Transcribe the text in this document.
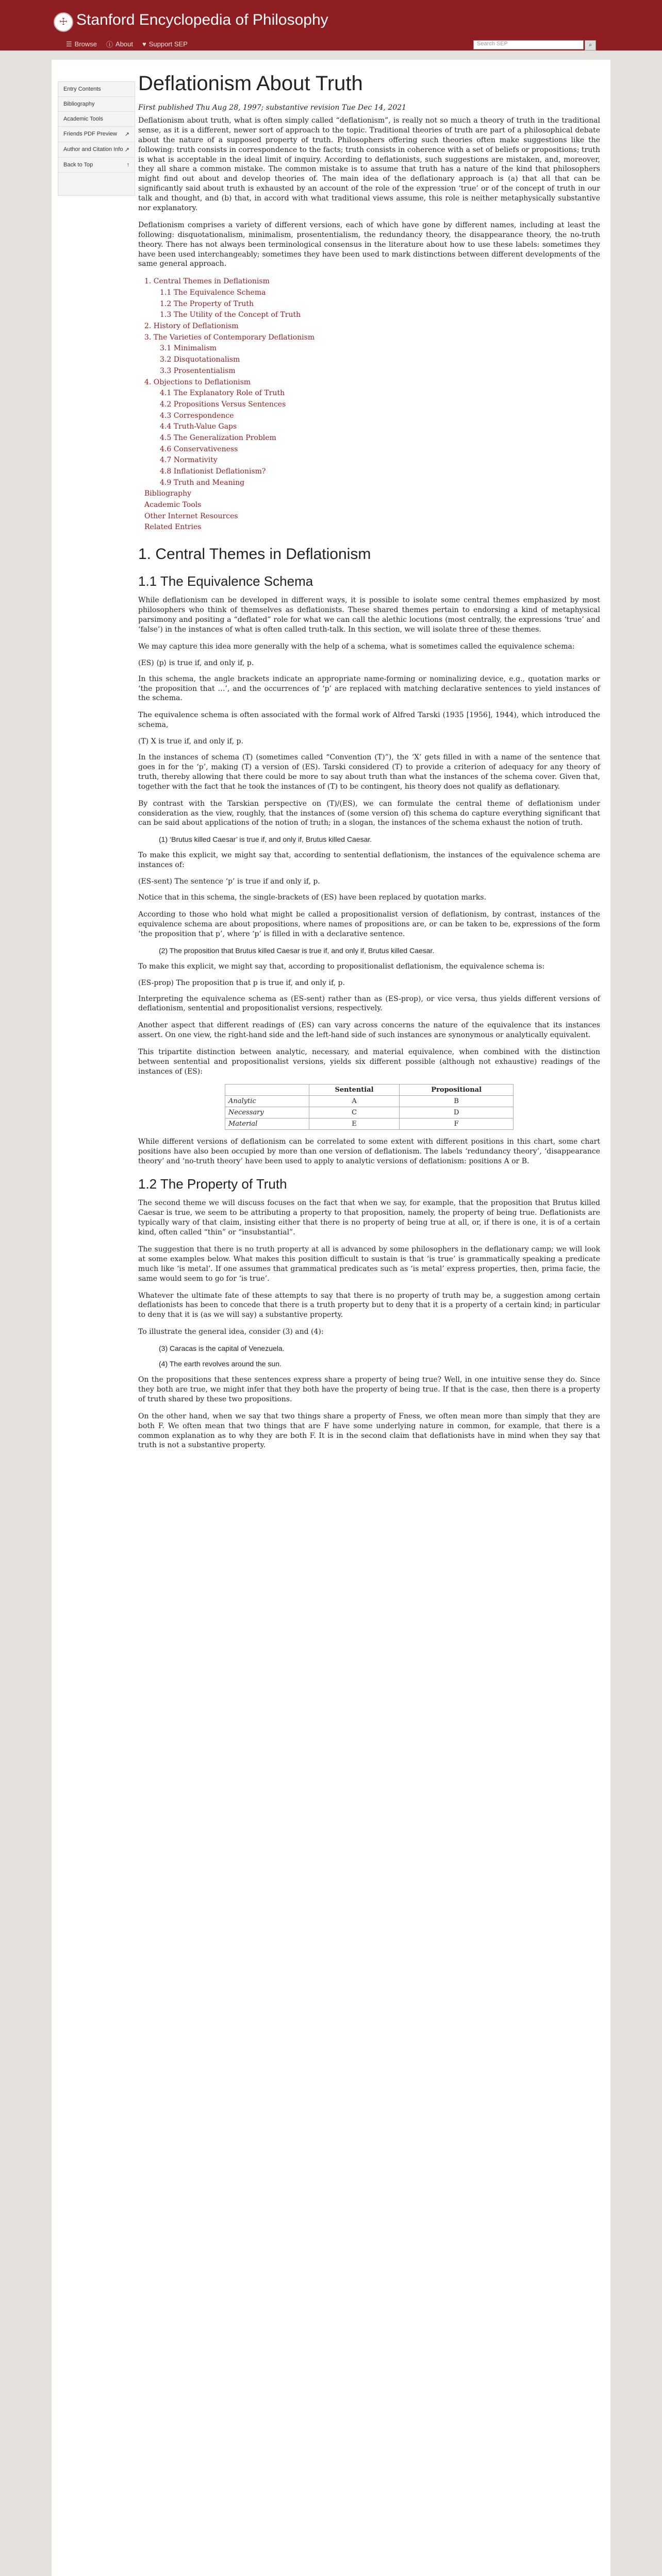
☩ Stanford Encyclopedia of Philosophy
☰ Browse ⓘ About ♥ Support SEP	Search SEP	⌕
Entry Contents
Bibliography
Academic Tools
Friends PDF Preview ↗
Author and Citation Info ↗
Back to Top	↑
Deflationism About Truth
First published Thu Aug 28, 1997; substantive revision Tue Dec 14, 2021

Deflationism about truth, what is often simply called “deflationism”, is really not so much a theory of truth in the traditional sense, as it is a different, newer sort of approach to the topic. Traditional theories of truth are part of a philosophical debate about the nature of a supposed property of truth. Philosophers offering such theories often make suggestions like the following: truth consists in correspondence to the facts; truth consists in coherence with a set of beliefs or propositions; truth is what is acceptable in the ideal limit of inquiry. According to deflationists, such suggestions are mistaken, and, moreover, they all share a common mistake. The common mistake is to assume that truth has a nature of the kind that philosophers might find out about and develop theories of. The main idea of the deflationary approach is (a) that all that can be significantly said about truth is exhausted by an account of the role of the expression ‘true’ or of the concept of truth in our talk and thought, and (b) that, in accord with what traditional views assume, this role is neither metaphysically substantive nor explanatory.

Deflationism comprises a variety of different versions, each of which have gone by different names, including at least the following: disquotationalism, minimalism, prosententialism, the redundancy theory, the disappearance theory, the no-truth theory. There has not always been terminological consensus in the literature about how to use these labels: sometimes they have been used interchangeably; sometimes they have been used to mark distinctions between different developments of the same general approach.

1. Central Themes in Deflationism
1.1 The Equivalence Schema
1.2 The Property of Truth
1.3 The Utility of the Concept of Truth
2. History of Deflationism
3. The Varieties of Contemporary Deflationism
3.1 Minimalism
3.2 Disquotationalism
3.3 Prosententialism
4. Objections to Deflationism
4.1 The Explanatory Role of Truth
4.2 Propositions Versus Sentences
4.3 Correspondence
4.4 Truth-Value Gaps
4.5 The Generalization Problem
4.6 Conservativeness
4.7 Normativity
4.8 Inflationist Deflationism?
4.9 Truth and Meaning
Bibliography
Academic Tools
Other Internet Resources
Related Entries
1. Central Themes in Deflationism
1.1 The Equivalence Schema

While deflationism can be developed in different ways, it is possible to isolate some central themes emphasized by most philosophers who think of themselves as deflationists. These shared themes pertain to endorsing a kind of metaphysical parsimony and positing a “deflated” role for what we can call the alethic locutions (most centrally, the expressions ‘true’ and ‘false’) in the instances of what is often called truth-talk. In this section, we will isolate three of these themes.

We may capture this idea more generally with the help of a schema, what is sometimes called the equivalence schema:

(ES) ⟨p⟩ is true if, and only if, p.

In this schema, the angle brackets indicate an appropriate name-forming or nominalizing device, e.g., quotation marks or ‘the proposition that …’, and the occurrences of ‘p’ are replaced with matching declarative sentences to yield instances of the schema.

The equivalence schema is often associated with the formal work of Alfred Tarski (1935 [1956], 1944), which introduced the schema,

(T) X is true if, and only if, p.

In the instances of schema (T) (sometimes called “Convention (T)”), the ‘X’ gets filled in with a name of the sentence that goes in for the ‘p’, making (T) a version of (ES). Tarski considered (T) to provide a criterion of adequacy for any theory of truth, thereby allowing that there could be more to say about truth than what the instances of the schema cover. Given that, together with the fact that he took the instances of (T) to be contingent, his theory does not qualify as deflationary.

By contrast with the Tarskian perspective on (T)/(ES), we can formulate the central theme of deflationism under consideration as the view, roughly, that the instances of (some version of) this schema do capture everything significant that can be said about applications of the notion of truth; in a slogan, the instances of the schema exhaust the notion of truth.

(1) ‘Brutus killed Caesar’ is true if, and only if, Brutus killed Caesar.

To make this explicit, we might say that, according to sentential deflationism, the instances of the equivalence schema are instances of:

(ES-sent) The sentence ‘p’ is true if and only if, p.

Notice that in this schema, the single-brackets of (ES) have been replaced by quotation marks.

According to those who hold what might be called a propositionalist version of deflationism, by contrast, instances of the equivalence schema are about propositions, where names of propositions are, or can be taken to be, expressions of the form ‘the proposition that p’, where ‘p’ is filled in with a declarative sentence.

(2) The proposition that Brutus killed Caesar is true if, and only if, Brutus killed Caesar.

To make this explicit, we might say that, according to propositionalist deflationism, the equivalence schema is:

(ES-prop) The proposition that p is true if, and only if, p.

Interpreting the equivalence schema as (ES-sent) rather than as (ES-prop), or vice versa, thus yields different versions of deflationism, sentential and propositionalist versions, respectively.

Another aspect that different readings of (ES) can vary across concerns the nature of the equivalence that its instances assert. On one view, the right-hand side and the left-hand side of such instances are synonymous or analytically equivalent.

This tripartite distinction between analytic, necessary, and material equivalence, when combined with the distinction between sentential and propositionalist versions, yields six different possible (although not exhaustive) readings of the instances of (ES):

	Sentential	Propositional
Analytic	A	B
Necessary	C	D
Material	E	F

While different versions of deflationism can be correlated to some extent with different positions in this chart, some chart positions have also been occupied by more than one version of deflationism. The labels ‘redundancy theory’, ‘disappearance theory’ and ‘no-truth theory’ have been used to apply to analytic versions of deflationism: positions A or B.

1.2 The Property of Truth

The second theme we will discuss focuses on the fact that when we say, for example, that the proposition that Brutus killed Caesar is true, we seem to be attributing a property to that proposition, namely, the property of being true. Deflationists are typically wary of that claim, insisting either that there is no property of being true at all, or, if there is one, it is of a certain kind, often called “thin” or “insubstantial”.

The suggestion that there is no truth property at all is advanced by some philosophers in the deflationary camp; we will look at some examples below. What makes this position difficult to sustain is that ‘is true’ is grammatically speaking a predicate much like ‘is metal’. If one assumes that grammatical predicates such as ‘is metal’ express properties, then, prima facie, the same would seem to go for ‘is true’.

Whatever the ultimate fate of these attempts to say that there is no property of truth may be, a suggestion among certain deflationists has been to concede that there is a truth property but to deny that it is a property of a certain kind; in particular to deny that it is (as we will say) a substantive property.

To illustrate the general idea, consider (3) and (4):

(3) Caracas is the capital of Venezuela.
(4) The earth revolves around the sun.

On the propositions that these sentences express share a property of being true? Well, in one intuitive sense they do. Since they both are true, we might infer that they both have the property of being true. If that is the case, then there is a property of truth shared by these two propositions.

On the other hand, when we say that two things share a property of Fness, we often mean more than simply that they are both F. We often mean that two things that are F have some underlying nature in common, for example, that there is a common explanation as to why they are both F. It is in the second claim that deflationists have in mind when they say that truth is not a substantive property.
